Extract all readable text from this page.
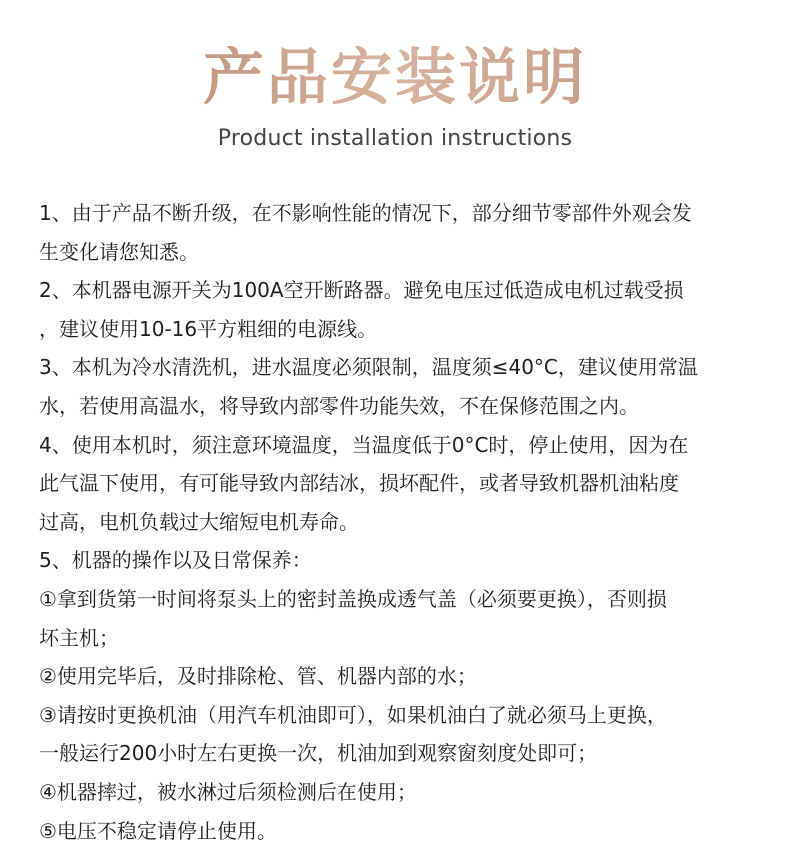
产品安装说明
Product installation instructions
1、由于产品不断升级，在不影响性能的情况下，部分细节零部件外观会发
生变化请您知悉。
2、本机器电源开关为100A空开断路器。避免电压过低造成电机过载受损
，建议使用10-16平方粗细的电源线。
3、本机为冷水清洗机，进水温度必须限制，温度须≤40°C，建议使用常温
水，若使用高温水，将导致内部零件功能失效，不在保修范围之内。
4、使用本机时，须注意环境温度，当温度低于0°C时，停止使用，因为在
此气温下使用，有可能导致内部结冰，损坏配件，或者导致机器机油粘度
过高，电机负载过大缩短电机寿命。
5、机器的操作以及日常保养：
①拿到货第一时间将泵头上的密封盖换成透气盖（必须要更换），否则损
坏主机；
②使用完毕后，及时排除枪、管、机器内部的水；
③请按时更换机油（用汽车机油即可），如果机油白了就必须马上更换，
一般运行200小时左右更换一次，机油加到观察窗刻度处即可；
④机器摔过，被水淋过后须检测后在使用；
⑤电压不稳定请停止使用。
